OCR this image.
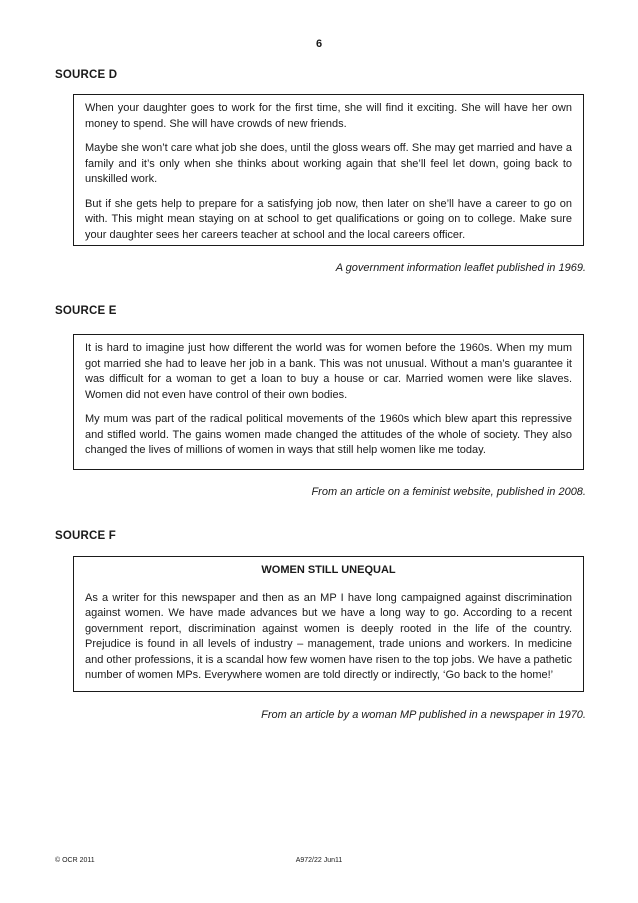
6
SOURCE D

When your daughter goes to work for the first time, she will find it exciting. She will have her own money to spend. She will have crowds of new friends.

Maybe she won’t care what job she does, until the gloss wears off. She may get married and have a family and it’s only when she thinks about working again that she’ll feel let down, going back to unskilled work.

But if she gets help to prepare for a satisfying job now, then later on she’ll have a career to go on with. This might mean staying on at school to get qualifications or going on to college. Make sure your daughter sees her careers teacher at school and the local careers officer.

A government information leaflet published in 1969.
SOURCE E

It is hard to imagine just how different the world was for women before the 1960s. When my mum got married she had to leave her job in a bank. This was not unusual. Without a man’s guarantee it was difficult for a woman to get a loan to buy a house or car. Married women were like slaves. Women did not even have control of their own bodies.

My mum was part of the radical political movements of the 1960s which blew apart this repressive and stifled world. The gains women made changed the attitudes of the whole of society. They also changed the lives of millions of women in ways that still help women like me today.

From an article on a feminist website, published in 2008.
SOURCE F
WOMEN STILL UNEQUAL

As a writer for this newspaper and then as an MP I have long campaigned against discrimination against women. We have made advances but we have a long way to go. According to a recent government report, discrimination against women is deeply rooted in the life of the country. Prejudice is found in all levels of industry – management, trade unions and workers. In medicine and other professions, it is a scandal how few women have risen to the top jobs. We have a pathetic number of women MPs. Everywhere women are told directly or indirectly, ‘Go back to the home!’

From an article by a woman MP published in a newspaper in 1970.
© OCR 2011	A972/22 Jun11
